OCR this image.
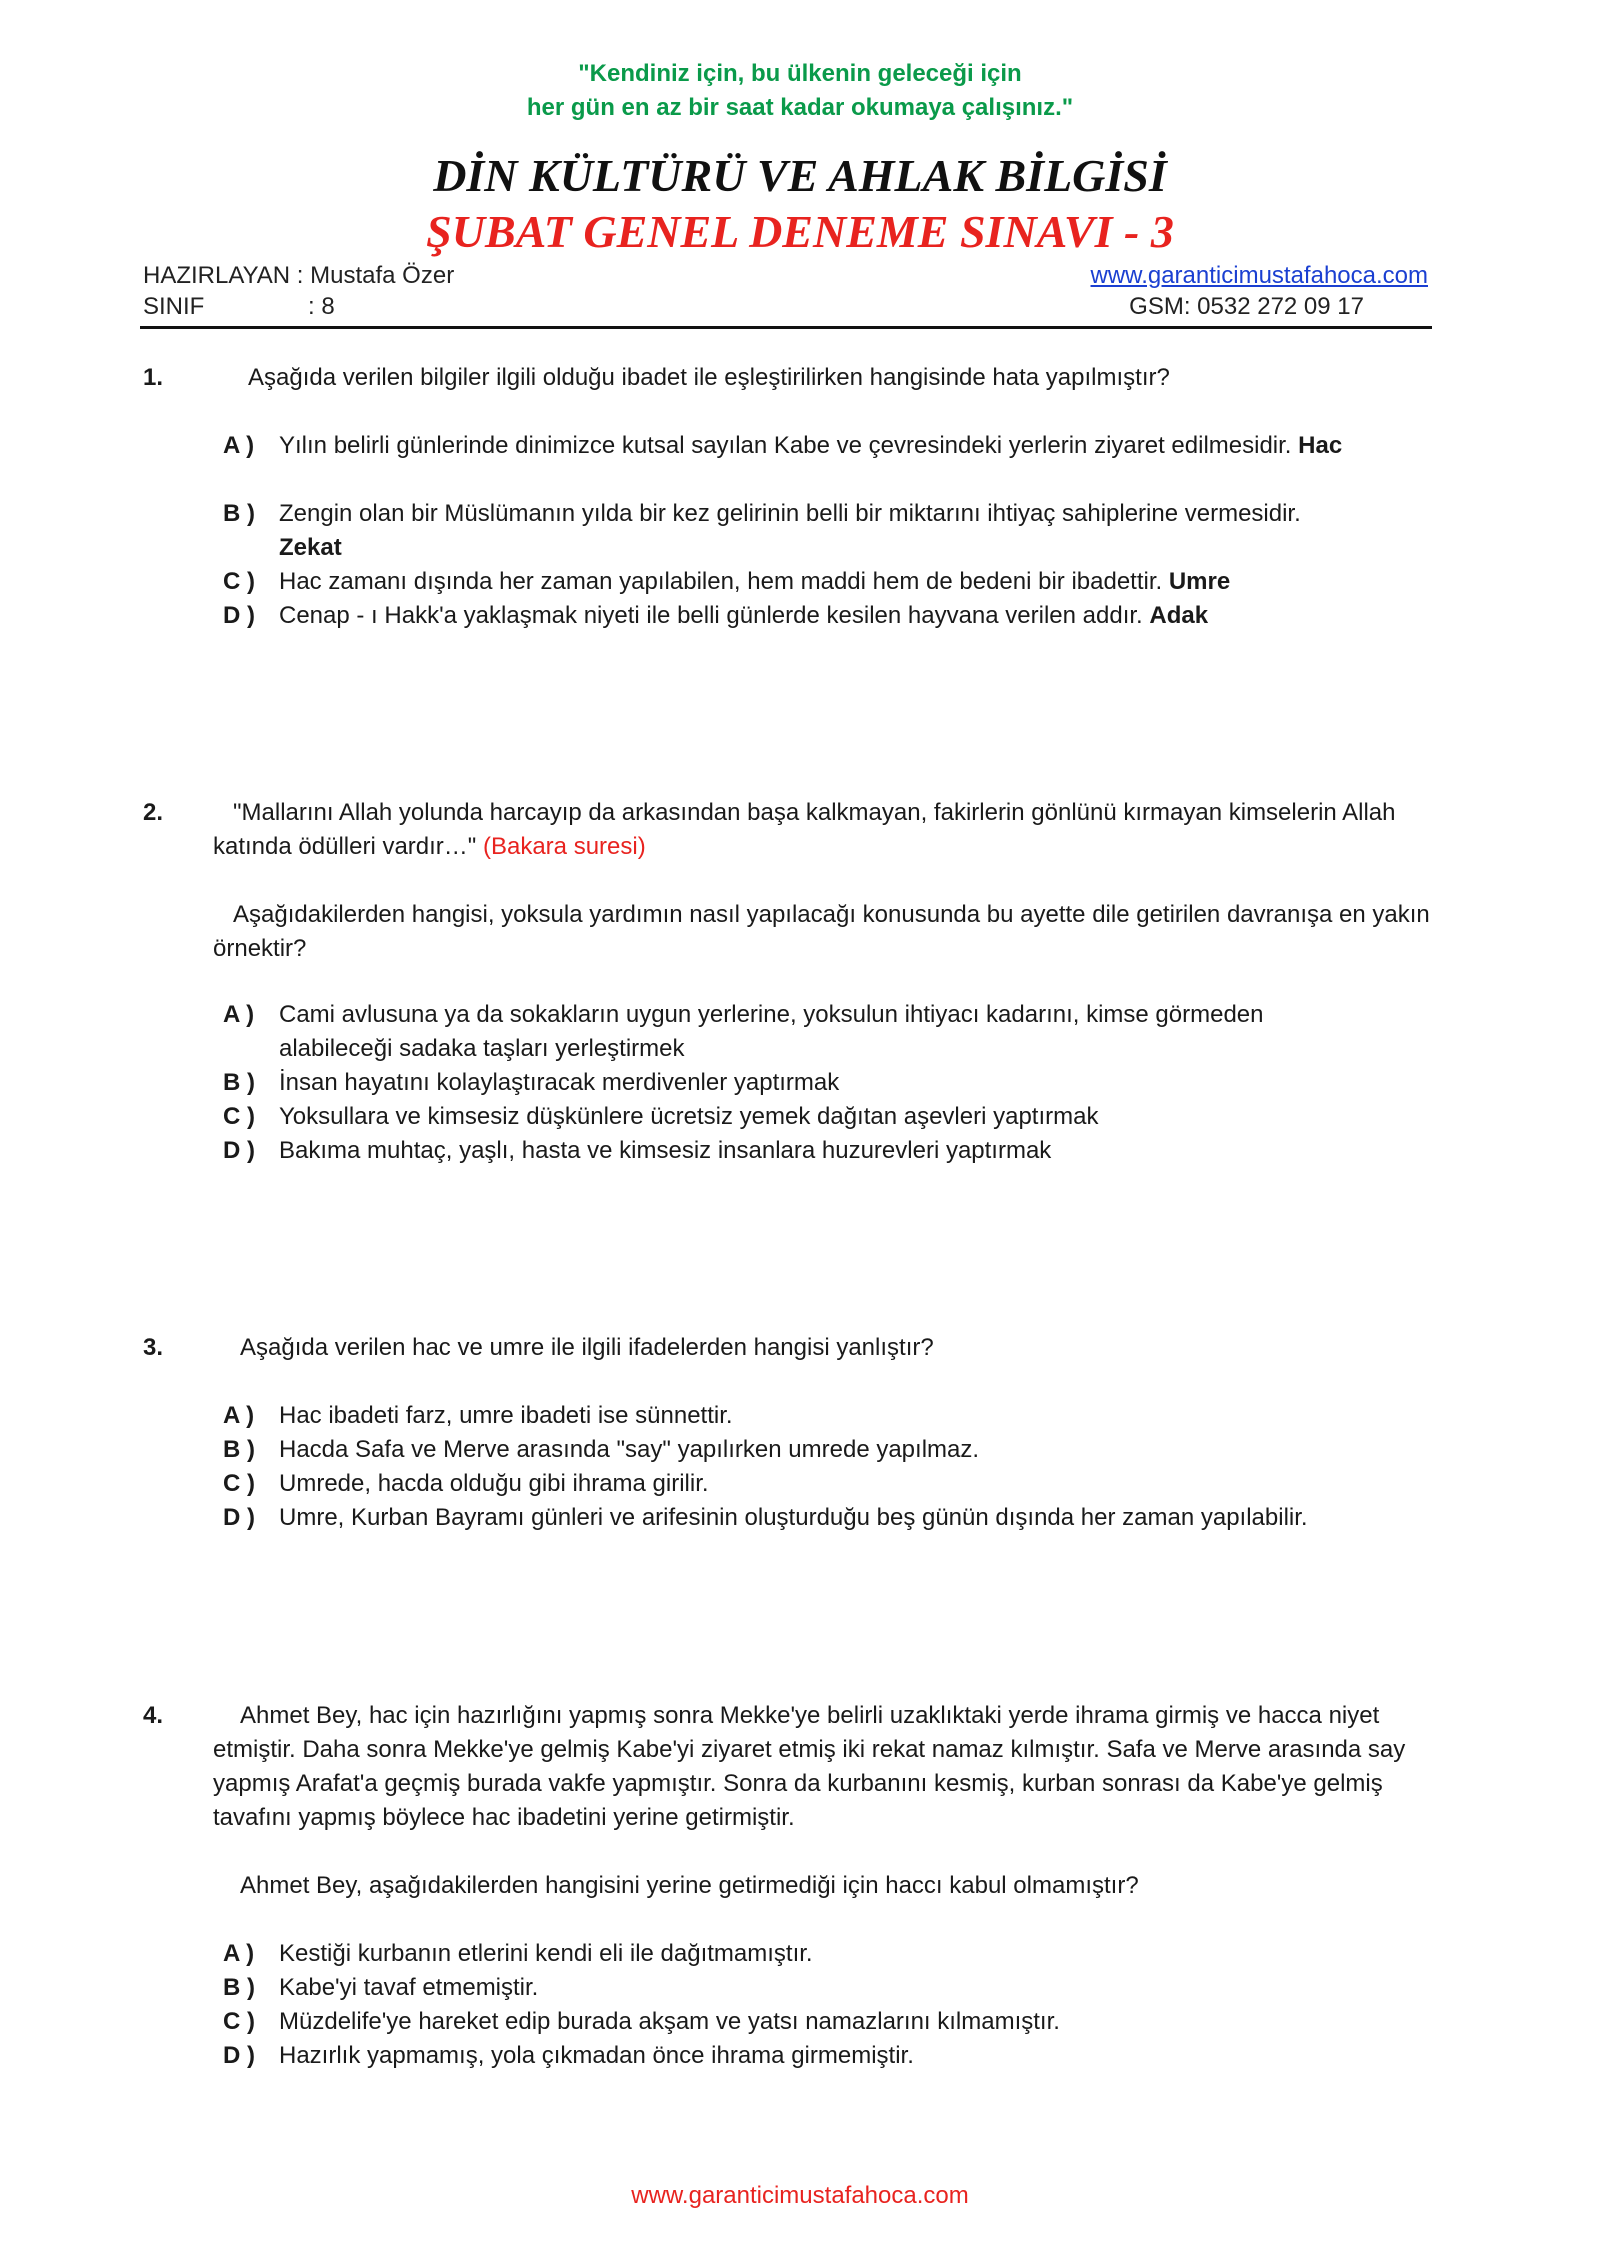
"Kendiniz için, bu ülkenin geleceği için
her gün en az bir saat kadar okumaya çalışınız."
DİN KÜLTÜRÜ VE AHLAK BİLGİSİ
ŞUBAT GENEL DENEME SINAVI - 3
HAZIRLAYAN : Mustafa Özer
SINIF	: 8
www.garanticimustafahoca.com
GSM: 0532 272 09 17
1.	Aşağıda verilen bilgiler ilgili olduğu ibadet ile eşleştirilirken hangisinde hata yapılmıştır?
A ) Yılın belirli günlerinde dinimizce kutsal sayılan Kabe ve çevresindeki yerlerin ziyaret edilmesidir. Hac
B ) Zengin olan bir Müslümanın yılda bir kez gelirinin belli bir miktarını ihtiyaç sahiplerine vermesidir. Zekat
C ) Hac zamanı dışında her zaman yapılabilen, hem maddi hem de bedeni bir ibadettir. Umre
D ) Cenap - ı Hakk'a yaklaşmak niyeti ile belli günlerde kesilen hayvana verilen addır. Adak
2.	"Mallarını Allah yolunda harcayıp da arkasından başa kalkmayan, fakirlerin gönlünü kırmayan kimselerin Allah katında ödülleri vardır…" (Bakara suresi)
Aşağıdakilerden hangisi, yoksula yardımın nasıl yapılacağı konusunda bu ayette dile getirilen davranışa en yakın örnektir?
A ) Cami avlusuna ya da sokakların uygun yerlerine, yoksulun ihtiyacı kadarını, kimse görmeden alabileceği sadaka taşları yerleştirmek
B ) İnsan hayatını kolaylaştıracak merdivenler yaptırmak
C ) Yoksullara ve kimsesiz düşkünlere ücretsiz yemek dağıtan aşevleri yaptırmak
D ) Bakıma muhtaç, yaşlı, hasta ve kimsesiz insanlara huzurevleri yaptırmak
3.	Aşağıda verilen hac ve umre ile ilgili ifadelerden hangisi yanlıştır?
A ) Hac ibadeti farz, umre ibadeti ise sünnettir.
B ) Hacda Safa ve Merve arasında "say" yapılırken umrede yapılmaz.
C ) Umrede, hacda olduğu gibi ihrama girilir.
D ) Umre, Kurban Bayramı günleri ve arifesinin oluşturduğu beş günün dışında her zaman yapılabilir.
4.	Ahmet Bey, hac için hazırlığını yapmış sonra Mekke'ye belirli uzaklıktaki yerde ihrama girmiş ve hacca niyet etmiştir. Daha sonra Mekke'ye gelmiş Kabe'yi ziyaret etmiş iki rekat namaz kılmıştır. Safa ve Merve arasında say yapmış Arafat'a geçmiş burada vakfe yapmıştır. Sonra da kurbanını kesmiş, kurban sonrası da Kabe'ye gelmiş tavafını yapmış böylece hac ibadetini yerine getirmiştir.
Ahmet Bey, aşağıdakilerden hangisini yerine getirmediği için haccı kabul olmamıştır?
A ) Kestiği kurbanın etlerini kendi eli ile dağıtmamıştır.
B ) Kabe'yi tavaf etmemiştir.
C ) Müzdelife'ye hareket edip burada akşam ve yatsı namazlarını kılmamıştır.
D ) Hazırlık yapmamış, yola çıkmadan önce ihrama girmemiştir.
www.garanticimustafahoca.com
